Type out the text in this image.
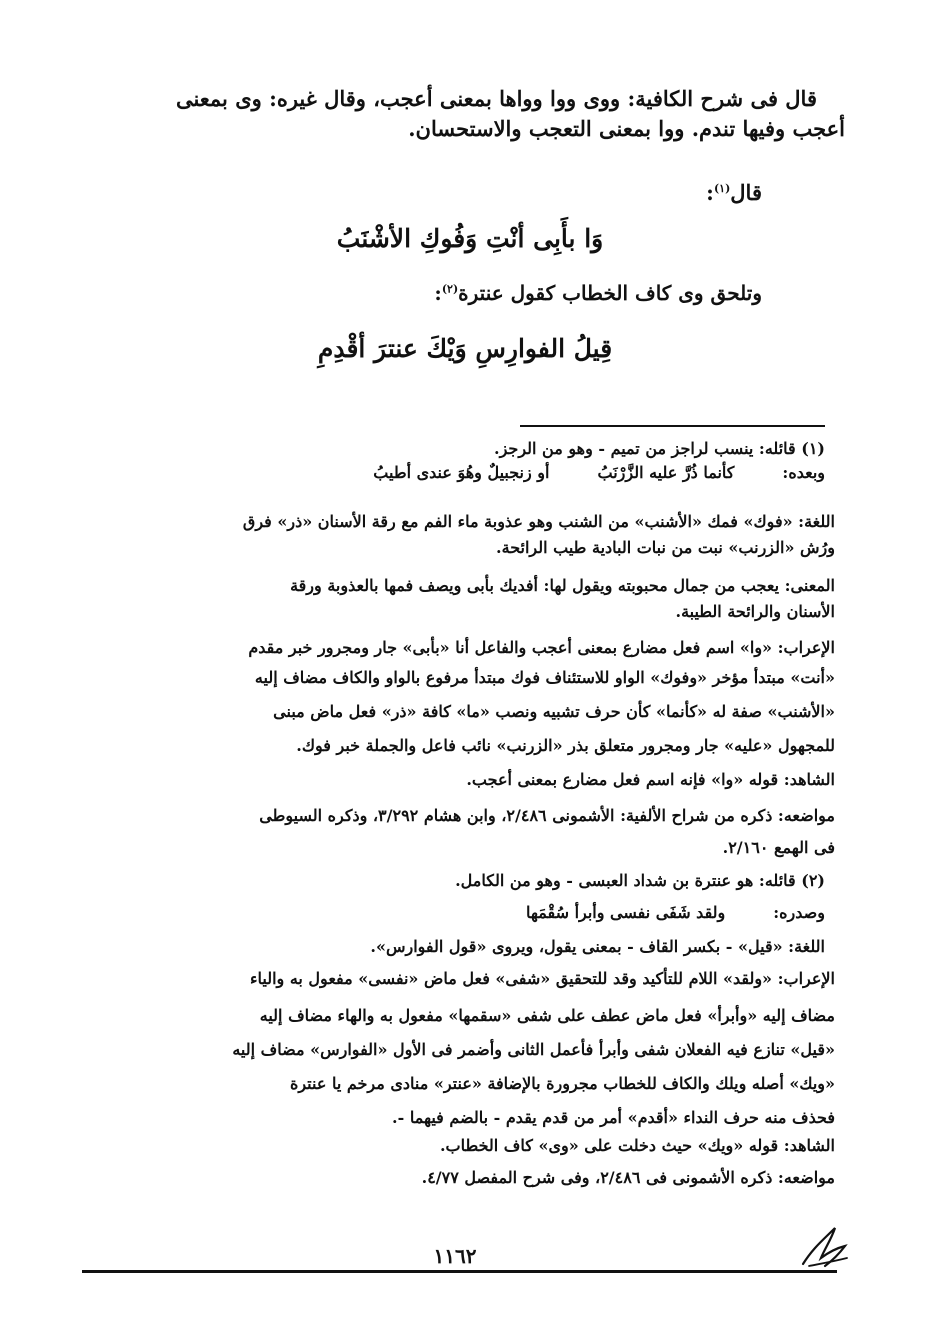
قال فى شرح الكافية: ووى ووا وواها بمعنى أعجب، وقال غيره: وى بمعنى

أعجب وفيها تندم. ووا بمعنى التعجب والاستحسان.

قال$^{(١)}$:
وَا بأَبِى أنْتِ وَفُوكِ الأشْنَبُ
وتلحق وى كاف الخطاب كقول عنترة$^{(٢)}$:
قِيلُ الفوارِسِ وَيْكَ عنترَ أقْدِمِ
(١) قائله: ينسب لراجز من تميم - وهو من الرجز.
وبعده:
كأنما ذُرَّ عليه الزَّرْنَبُ
أو زنجبيلٌ وهُوَ عندى أطيبُ
اللغة: «فوك» فمك «الأشنب» من الشنب وهو عذوبة ماء الفم مع رقة الأسنان «ذر» فرق
ورُش «الزرنب» نبت من نبات البادية طيب الرائحة.
المعنى: يعجب من جمال محبوبته ويقول لها: أفديك بأبى ويصف فمها بالعذوبة ورقة
الأسنان والرائحة الطيبة.
الإعراب: «وا» اسم فعل مضارع بمعنى أعجب والفاعل أنا «بأبى» جار ومجرور خبر مقدم
«أنت» مبتدأ مؤخر «وفوك» الواو للاستئناف فوك مبتدأ مرفوع بالواو والكاف مضاف إليه
«الأشنب» صفة له «كأنما» كأن حرف تشبيه ونصب «ما» كافة «ذر» فعل ماض مبنى
للمجهول «عليه» جار ومجرور متعلق بذر «الزرنب» نائب فاعل والجملة خبر فوك.
الشاهد: قوله «وا» فإنه اسم فعل مضارع بمعنى أعجب.
مواضعه: ذكره من شراح الألفية: الأشمونى ٢/٤٨٦، وابن هشام ٣/٢٩٢، وذكره السيوطى
فى الهمع ٢/١٦٠.
(٢) قائله: هو عنترة بن شداد العبسى - وهو من الكامل.
وصدره:
ولقد شَفَى نفسى وأبرأ سُقْمَها
اللغة: «قيل» - بكسر القاف - بمعنى يقول، ويروى «قول الفوارس».
الإعراب: «ولقد» اللام للتأكيد وقد للتحقيق «شفى» فعل ماض «نفسى» مفعول به والياء
مضاف إليه «وأبرأ» فعل ماض عطف على شفى «سقمها» مفعول به والهاء مضاف إليه
«قيل» تنازع فيه الفعلان شفى وأبرأ فأعمل الثانى وأضمر فى الأول «الفوارس» مضاف إليه
«ويك» أصله ويلك والكاف للخطاب مجرورة بالإضافة «عنتر» منادى مرخم يا عنترة
فحذف منه حرف النداء «أقدم» أمر من قدم يقدم - بالضم فيهما -.
الشاهد: قوله «ويك» حيث دخلت على «وى» كاف الخطاب.
مواضعه: ذكره الأشمونى فى ٢/٤٨٦، وفى شرح المفصل ٤/٧٧.
١١٦٢
